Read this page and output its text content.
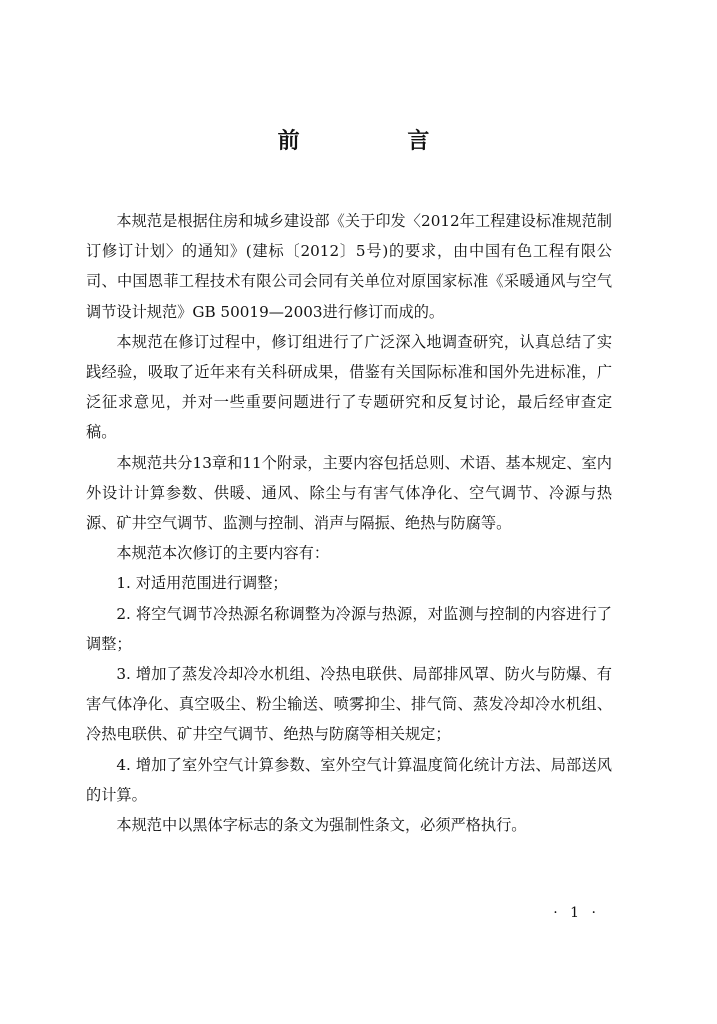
前 言

本规范是根据住房和城乡建设部《关于印发〈2012年工程建设标准规范制订修订计划〉的通知》(建标〔2012〕5号)的要求，由中国有色工程有限公司、中国恩菲工程技术有限公司会同有关单位对原国家标准《采暖通风与空气调节设计规范》GB 50019—2003进行修订而成的。

本规范在修订过程中，修订组进行了广泛深入地调查研究，认真总结了实践经验，吸取了近年来有关科研成果，借鉴有关国际标准和国外先进标准，广泛征求意见，并对一些重要问题进行了专题研究和反复讨论，最后经审查定稿。

本规范共分13章和11个附录，主要内容包括总则、术语、基本规定、室内外设计计算参数、供暖、通风、除尘与有害气体净化、空气调节、冷源与热源、矿井空气调节、监测与控制、消声与隔振、绝热与防腐等。

本规范本次修订的主要内容有：

1. 对适用范围进行调整；

2. 将空气调节冷热源名称调整为冷源与热源，对监测与控制的内容进行了调整；

3. 增加了蒸发冷却冷水机组、冷热电联供、局部排风罩、防火与防爆、有害气体净化、真空吸尘、粉尘输送、喷雾抑尘、排气筒、蒸发冷却冷水机组、冷热电联供、矿井空气调节、绝热与防腐等相关规定；

4. 增加了室外空气计算参数、室外空气计算温度简化统计方法、局部送风的计算。

本规范中以黑体字标志的条文为强制性条文，必须严格执行。

· 1 ·
